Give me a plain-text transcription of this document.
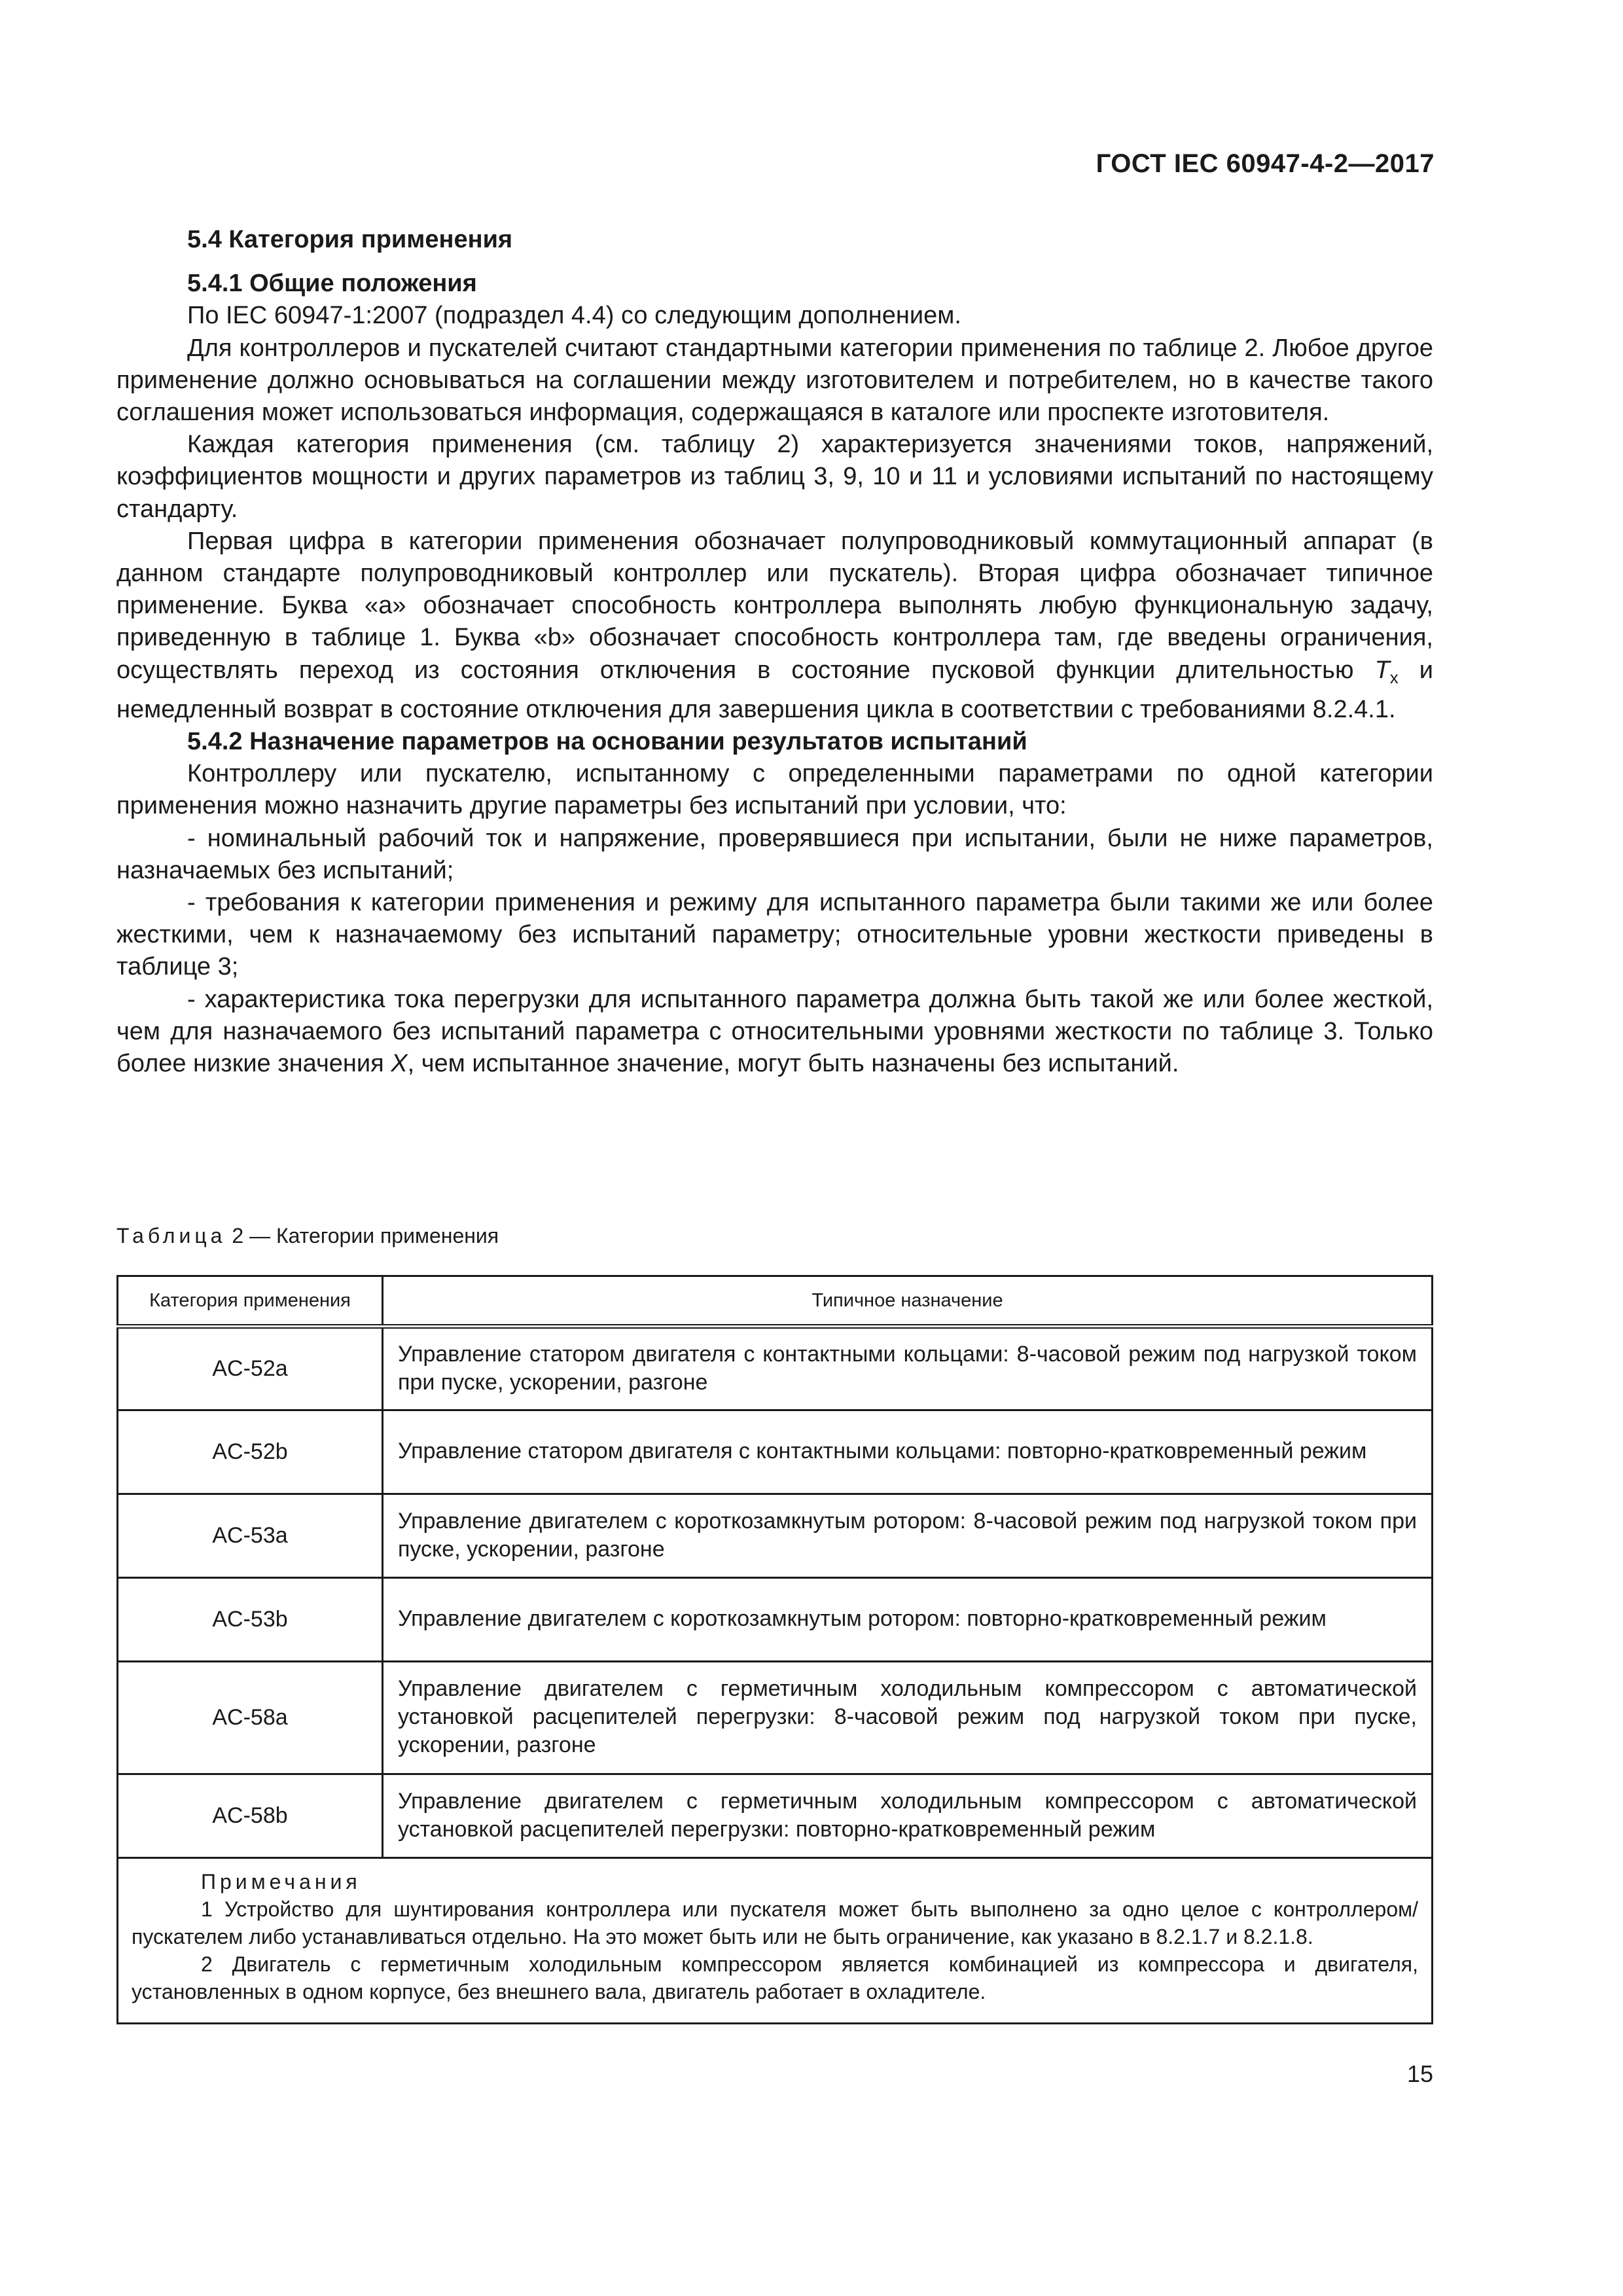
ГОСТ IEC 60947-4-2—2017

5.4 Категория применения

5.4.1 Общие положения

По IEC 60947-1:2007 (подраздел 4.4) со следующим дополнением.

Для контроллеров и пускателей считают стандартными категории применения по таблице 2. Любое другое применение должно основываться на соглашении между изготовителем и потребителем, но в качестве такого соглашения может использоваться информация, содержащаяся в каталоге или проспекте изготовителя.

Каждая категория применения (см. таблицу 2) характеризуется значениями токов, напряжений, коэффициентов мощности и других параметров из таблиц 3, 9, 10 и 11 и условиями испытаний по настоящему стандарту.

Первая цифра в категории применения обозначает полупроводниковый коммутационный аппарат (в данном стандарте полупроводниковый контроллер или пускатель). Вторая цифра обозначает типичное применение. Буква «а» обозначает способность контроллера выполнять любую функциональную задачу, приведенную в таблице 1. Буква «b» обозначает способность контроллера там, где введены ограничения, осуществлять переход из состояния отключения в состояние пусковой функции длительностью $T_x$ и немедленный возврат в состояние отключения для завершения цикла в соответствии с требованиями 8.2.4.1.

5.4.2 Назначение параметров на основании результатов испытаний

Контроллеру или пускателю, испытанному с определенными параметрами по одной категории применения можно назначить другие параметры без испытаний при условии, что:

- номинальный рабочий ток и напряжение, проверявшиеся при испытании, были не ниже параметров, назначаемых без испытаний;

- требования к категории применения и режиму для испытанного параметра были такими же или более жесткими, чем к назначаемому без испытаний параметру; относительные уровни жесткости приведены в таблице 3;

- характеристика тока перегрузки для испытанного параметра должна быть такой же или более жесткой, чем для назначаемого без испытаний параметра с относительными уровнями жесткости по таблице 3. Только более низкие значения X, чем испытанное значение, могут быть назначены без испытаний.

Таблица 2 — Категории применения
Категория применения	Типичное назначение
AC-52a	Управление статором двигателя с контактными кольцами: 8-часовой режим под нагрузкой током при пуске, ускорении, разгоне
AC-52b	Управление статором двигателя с контактными кольцами: повторно-кратковременный режим
AC-53a	Управление двигателем с короткозамкнутым ротором: 8-часовой режим под нагрузкой током при пуске, ускорении, разгоне
AC-53b	Управление двигателем с короткозамкнутым ротором: повторно-кратковременный режим
AC-58a	Управление двигателем с герметичным холодильным компрессором с автоматической установкой расцепителей перегрузки: 8-часовой режим под нагрузкой током при пуске, ускорении, разгоне
AC-58b	Управление двигателем с герметичным холодильным компрессором с автоматической установкой расцепителей перегрузки: повторно-кратковременный режим

Примечания
1 Устройство для шунтирования контроллера или пускателя может быть выполнено за одно целое с контроллером/пускателем либо устанавливаться отдельно. На это может быть или не быть ограничение, как указано в 8.2.1.7 и 8.2.1.8.
2 Двигатель с герметичным холодильным компрессором является комбинацией из компрессора и двигателя, установленных в одном корпусе, без внешнего вала, двигатель работает в охладителе.	
15
